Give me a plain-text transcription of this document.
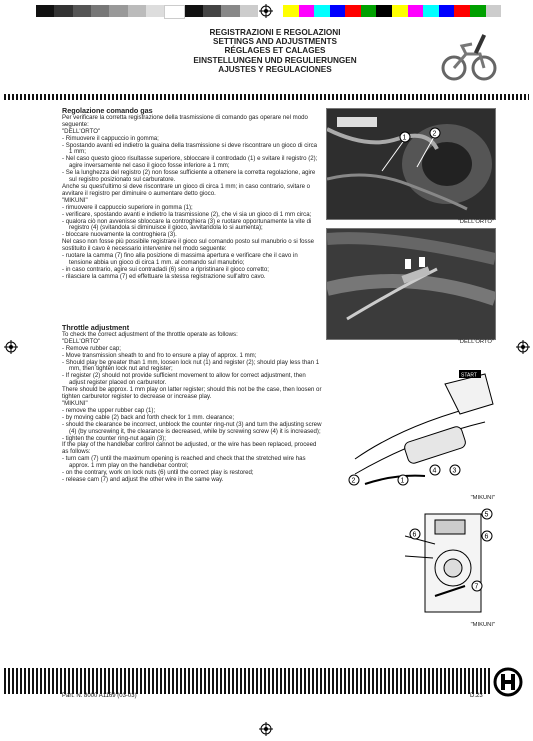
REGISTRAZIONI E REGOLAZIONI
SETTINGS AND ADJUSTMENTS
RÉGLAGES ET CALAGES
EINSTELLUNGEN UND REGULIERUNGEN
AJUSTES Y REGULACIONES

Regolazione comando gas

Per verificare la corretta registrazione della trasmissione di comando gas operare nel modo seguente:

"DELL'ORTO"

- Rimuovere il cappuccio in gomma;

- Spostando avanti ed indietro la guaina della trasmissione si deve riscontrare un gioco di circa 1 mm;

- Nel caso questo gioco risultasse superiore, sbloccare il controdado (1) e svitare il registro (2); agire inversamente nel caso il gioco fosse inferiore a 1 mm;

- Se la lunghezza del registro (2) non fosse sufficiente a ottenere la corretta regolazione, agire sul registro posizionato sul carburatore.

Anche su quest'ultimo si deve riscontrare un gioco di circa 1 mm; in caso contrario, svitare o avvitare il registro per diminuire o aumentare detto gioco.

"MIKUNI"

- rimuovere il cappuccio superiore in gomma (1);

- verificare, spostando avanti e indietro la trasmissione (2), che vi sia un gioco di 1 mm circa;

- qualora ciò non avvenisse sbloccare la controghiera (3) e ruotare opportunamente la vite di registro (4) (svitandola si diminuisce il gioco, avvitandola lo si aumenta);

- bloccare nuovamente la controghiera (3).

Nel caso non fosse più possibile registrare il gioco sul comando posto sul manubrio o si fosse sostituito il cavo è necessario intervenire nel modo seguente:

- ruotare la camma (7) fino alla posizione di massima apertura e verificare che il cavo in tensione abbia un gioco di circa 1 mm. al comando sul manubrio;

- in caso contrario, agire sui contradadi (6) sino a ripristinare il gioco corretto;

- rilasciare la camma (7) ed effettuare la stessa registrazione sull'altro cavo.

Throttle adjustment

To check the correct adjustment of the throttle operate as follows:

"DELL'ORTO"

- Remove rubber cap;

- Move transmission sheath to and fro to ensure a play of approx. 1 mm;

- Should play be greater than 1 mm, loosen lock nut (1) and register (2); should play less than 1 mm, then tighten lock nut and register;

- If register (2) should not provide sufficient movement to allow for correct adjustment, then adjust register placed on carburetor.

There should be approx. 1 mm play on latter register; should this not be the case, then loosen or tighten carburetor register to decrease or increase play.

"MIKUNI"

- remove the upper rubber cap (1);

- by moving cable (2) back and forth check for 1 mm. clearance;

- should the clearance be incorrect, unblock the counter ring-nut (3) and turn the adjusting screw (4) (by unscrewing it, the clearance is decreased, while by screwing screw (4) it is increased);

- tighten the counter ring-nut again (3);

If the play of the handlebar control cannot be adjusted, or the wire has been replaced, proceed as follows:

- turn cam (7) until the maximum opening is reached and check that the stretched wire has approx. 1 mm play on the handlebar control;

- on the contrary, work on lock nuts (6) until the correct play is restored;

- release cam (7) and adjust the other wire in the same way.

1
2
"DELL'ORTO"
"DELL'ORTO"
START
2	1
4 3
"MIKUNI"
5
6	6
7
"MIKUNI"
Part. N. 8000 A1169 (03-03)	D.23
